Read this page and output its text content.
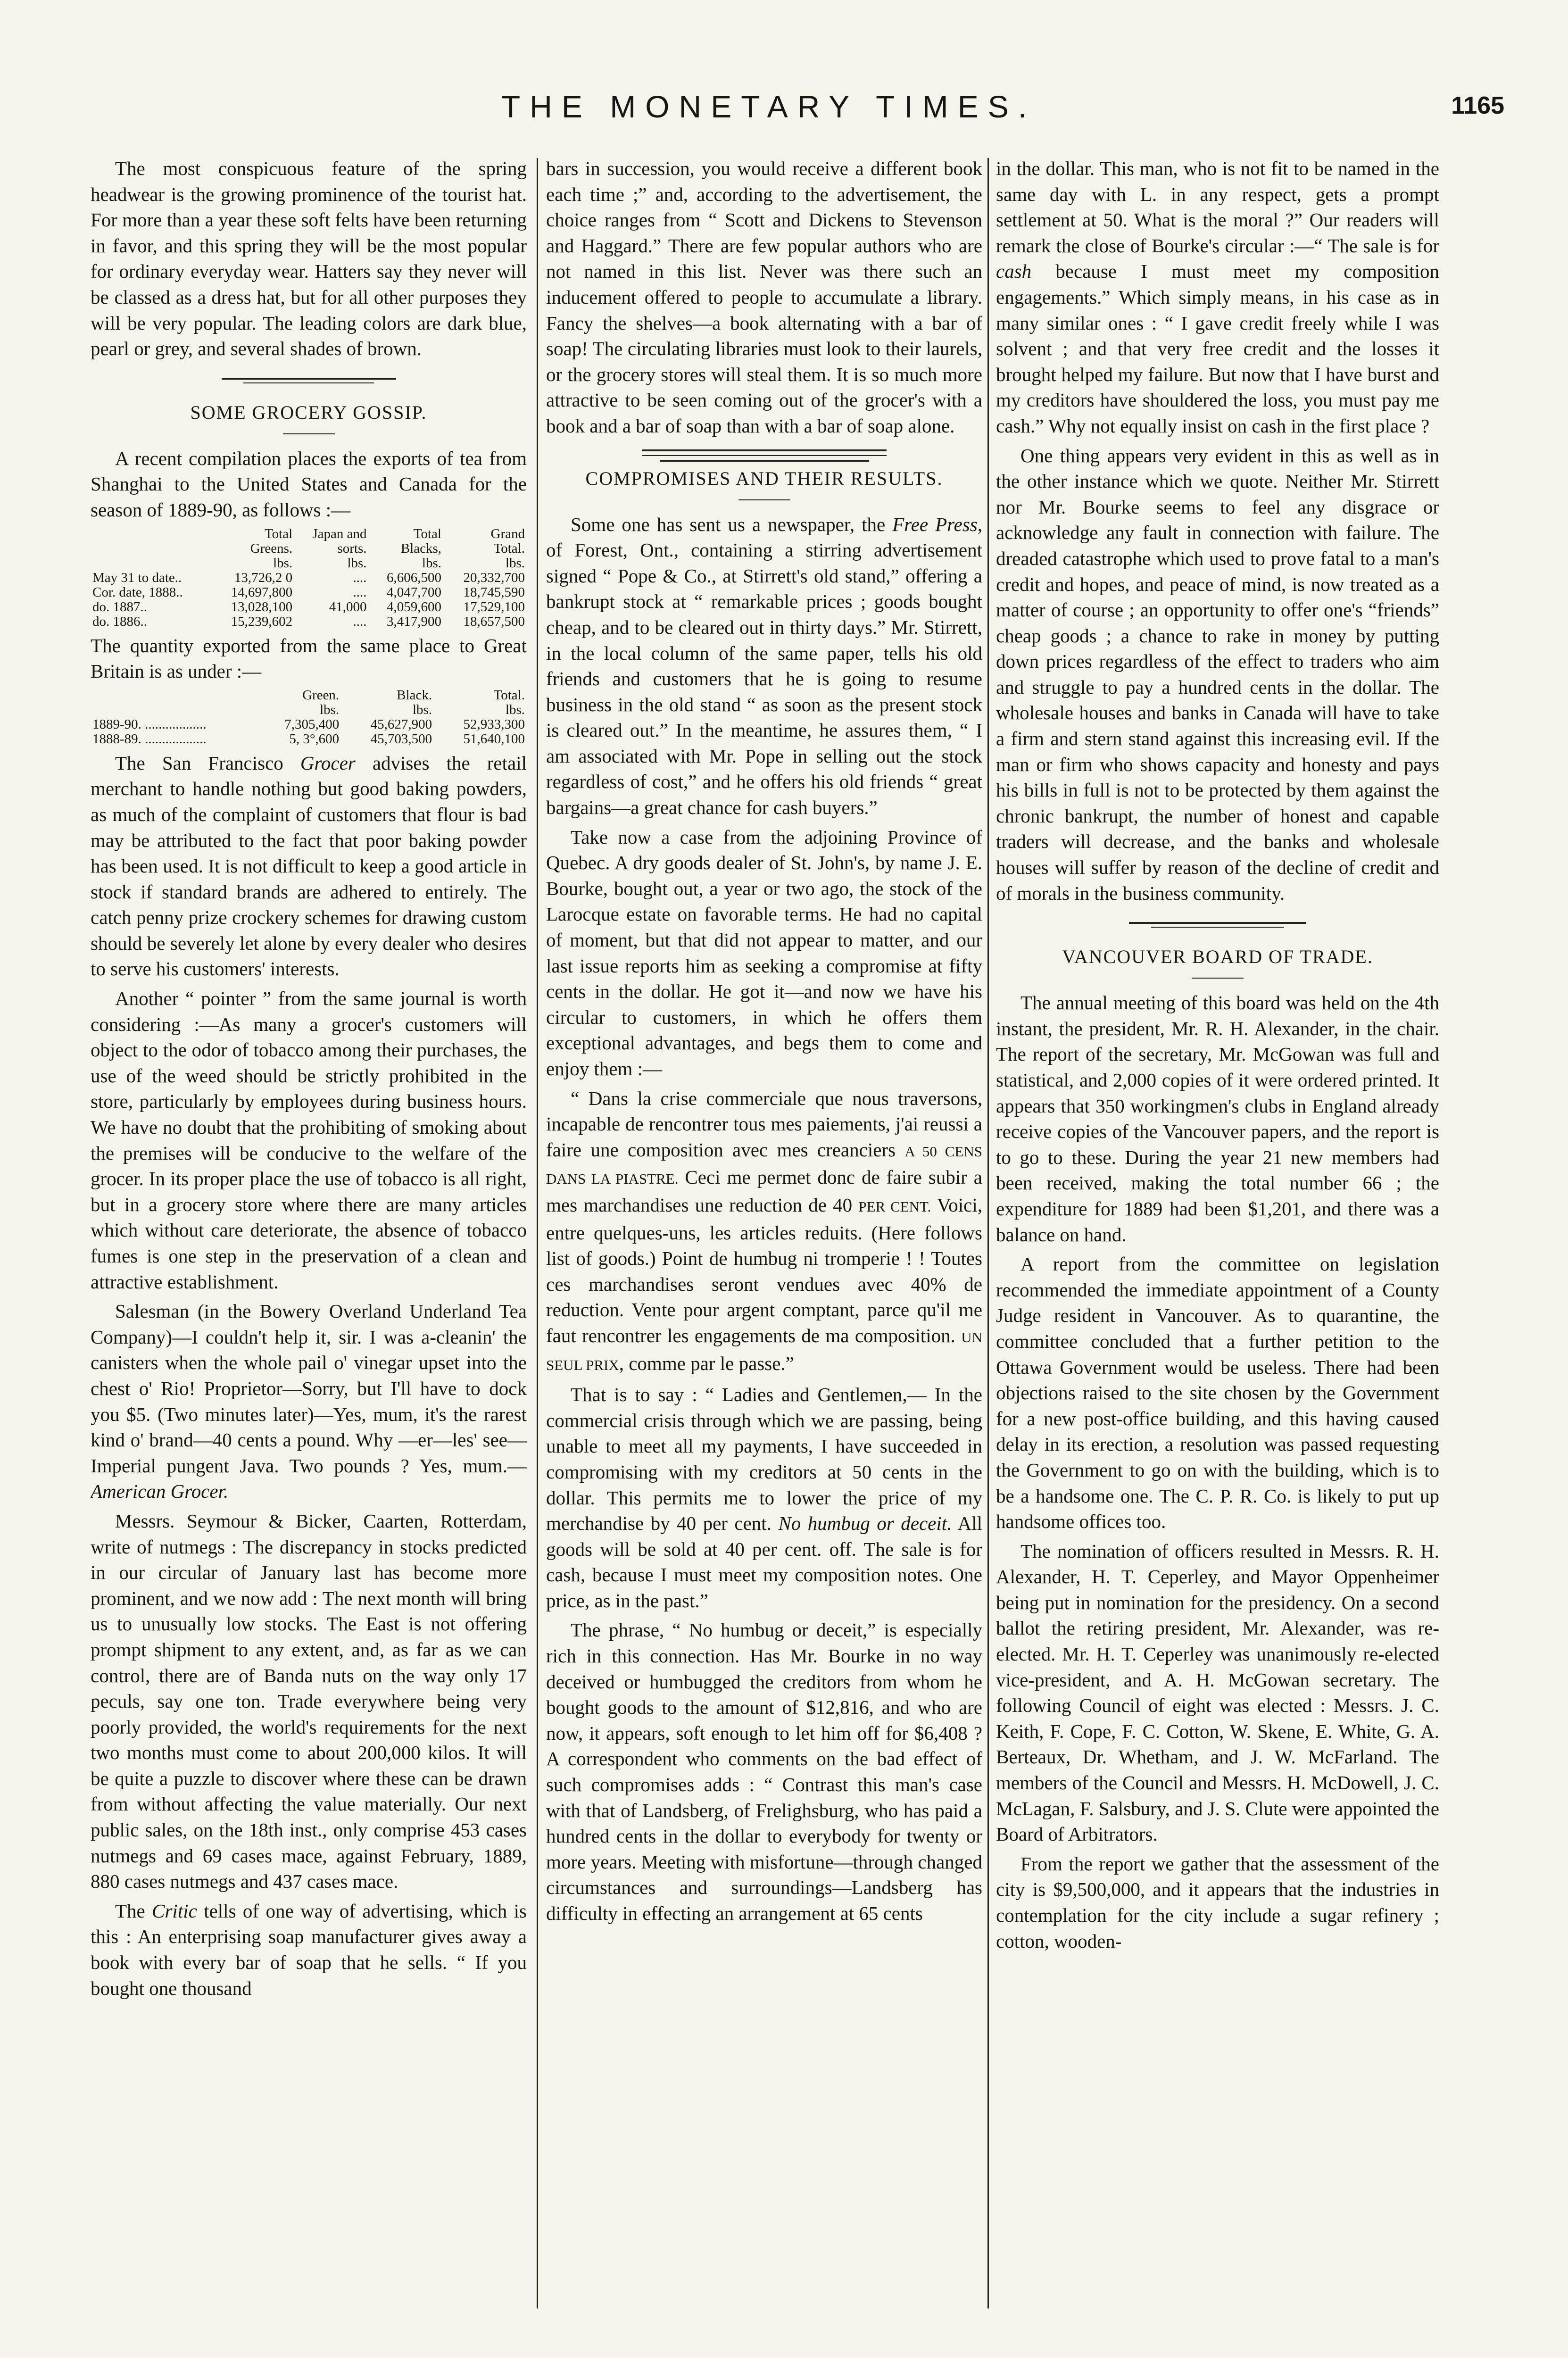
THE MONETARY TIMES.	1165

The most conspicuous feature of the spring headwear is the growing prominence of the tourist hat. For more than a year these soft felts have been returning in favor, and this spring they will be the most popular for ordinary everyday wear. Hatters say they never will be classed as a dress hat, but for all other purposes they will be very popular. The leading colors are dark blue, pearl or grey, and several shades of brown.

SOME GROCERY GOSSIP.

A recent compilation places the exports of tea from Shanghai to the United States and Canada for the season of 1889-90, as follows :—

	Total	Japan and	Total	Grand
	Greens.	sorts.	Blacks,	Total.
	lbs.	lbs.	lbs.	lbs.
May 31 to date..	13,726,2 0	....	6,606,500	20,332,700
Cor. date, 1888..	14,697,800	....	4,047,700	18,745,590
do. 1887..	13,028,100	41,000	4,059,600	17,529,100
do. 1886..	15,239,602	....	3,417,900	18,657,500

The quantity exported from the same place to Great Britain is as under :—

	Green.	Black.	Total.
	lbs.	lbs.	lbs.
1889-90. ..................	7,305,400	45,627,900	52,933,300
1888-89. ..................	5, 3°,600	45,703,500	51,640,100

The San Francisco Grocer advises the retail merchant to handle nothing but good baking powders, as much of the complaint of customers that flour is bad may be attributed to the fact that poor baking powder has been used. It is not difficult to keep a good article in stock if standard brands are adhered to entirely. The catch penny prize crockery schemes for drawing custom should be severely let alone by every dealer who desires to serve his customers' interests.

Another “ pointer ” from the same journal is worth considering :—As many a grocer's customers will object to the odor of tobacco among their purchases, the use of the weed should be strictly prohibited in the store, particularly by employees during business hours. We have no doubt that the prohibiting of smoking about the premises will be conducive to the welfare of the grocer. In its proper place the use of tobacco is all right, but in a grocery store where there are many articles which without care deteriorate, the absence of tobacco fumes is one step in the preservation of a clean and attractive establishment.

Salesman (in the Bowery Overland Underland Tea Company)—I couldn't help it, sir. I was a-cleanin' the canisters when the whole pail o' vinegar upset into the chest o' Rio! Proprietor—Sorry, but I'll have to dock you $5. (Two minutes later)—Yes, mum, it's the rarest kind o' brand—40 cents a pound. Why —er—les' see—Imperial pungent Java. Two pounds ? Yes, mum.—American Grocer.

Messrs. Seymour & Bicker, Caarten, Rotterdam, write of nutmegs : The discrepancy in stocks predicted in our circular of January last has become more prominent, and we now add : The next month will bring us to unusually low stocks. The East is not offering prompt shipment to any extent, and, as far as we can control, there are of Banda nuts on the way only 17 peculs, say one ton. Trade everywhere being very poorly provided, the world's requirements for the next two months must come to about 200,000 kilos. It will be quite a puzzle to discover where these can be drawn from without affecting the value materially. Our next public sales, on the 18th inst., only comprise 453 cases nutmegs and 69 cases mace, against February, 1889, 880 cases nutmegs and 437 cases mace.

The Critic tells of one way of advertising, which is this : An enterprising soap manufacturer gives away a book with every bar of soap that he sells. “ If you bought one thousand

bars in succession, you would receive a different book each time ;” and, according to the advertisement, the choice ranges from “ Scott and Dickens to Stevenson and Haggard.” There are few popular authors who are not named in this list. Never was there such an inducement offered to people to accumulate a library. Fancy the shelves—a book alternating with a bar of soap! The circulating libraries must look to their laurels, or the grocery stores will steal them. It is so much more attractive to be seen coming out of the grocer's with a book and a bar of soap than with a bar of soap alone.

COMPROMISES AND THEIR RESULTS.

Some one has sent us a newspaper, the Free Press, of Forest, Ont., containing a stirring advertisement signed “ Pope & Co., at Stirrett's old stand,” offering a bankrupt stock at “ remarkable prices ; goods bought cheap, and to be cleared out in thirty days.” Mr. Stirrett, in the local column of the same paper, tells his old friends and customers that he is going to resume business in the old stand “ as soon as the present stock is cleared out.” In the meantime, he assures them, “ I am associated with Mr. Pope in selling out the stock regardless of cost,” and he offers his old friends “ great bargains—a great chance for cash buyers.”

Take now a case from the adjoining Province of Quebec. A dry goods dealer of St. John's, by name J. E. Bourke, bought out, a year or two ago, the stock of the Larocque estate on favorable terms. He had no capital of moment, but that did not appear to matter, and our last issue reports him as seeking a compromise at fifty cents in the dollar. He got it—and now we have his circular to customers, in which he offers them exceptional advantages, and begs them to come and enjoy them :—

“ Dans la crise commerciale que nous traversons, incapable de rencontrer tous mes paiements, j'ai reussi a faire une composition avec mes creanciers A 50 CENS DANS LA PIASTRE. Ceci me permet donc de faire subir a mes marchandises une reduction de 40 PER CENT. Voici, entre quelques-uns, les articles reduits. (Here follows list of goods.) Point de humbug ni tromperie ! ! Toutes ces marchandises seront vendues avec 40% de reduction. Vente pour argent comptant, parce qu'il me faut rencontrer les engagements de ma composition. UN SEUL PRIX, comme par le passe.”

That is to say : “ Ladies and Gentlemen,— In the commercial crisis through which we are passing, being unable to meet all my payments, I have succeeded in compromising with my creditors at 50 cents in the dollar. This permits me to lower the price of my merchandise by 40 per cent. No humbug or deceit. All goods will be sold at 40 per cent. off. The sale is for cash, because I must meet my composition notes. One price, as in the past.”

The phrase, “ No humbug or deceit,” is especially rich in this connection. Has Mr. Bourke in no way deceived or humbugged the creditors from whom he bought goods to the amount of $12,816, and who are now, it appears, soft enough to let him off for $6,408 ? A correspondent who comments on the bad effect of such compromises adds : “ Contrast this man's case with that of Landsberg, of Frelighsburg, who has paid a hundred cents in the dollar to everybody for twenty or more years. Meeting with misfortune—through changed circumstances and surroundings—Landsberg has difficulty in effecting an arrangement at 65 cents

in the dollar. This man, who is not fit to be named in the same day with L. in any respect, gets a prompt settlement at 50. What is the moral ?” Our readers will remark the close of Bourke's circular :—“ The sale is for cash because I must meet my composition engagements.” Which simply means, in his case as in many similar ones : “ I gave credit freely while I was solvent ; and that very free credit and the losses it brought helped my failure. But now that I have burst and my creditors have shouldered the loss, you must pay me cash.” Why not equally insist on cash in the first place ?

One thing appears very evident in this as well as in the other instance which we quote. Neither Mr. Stirrett nor Mr. Bourke seems to feel any disgrace or acknowledge any fault in connection with failure. The dreaded catastrophe which used to prove fatal to a man's credit and hopes, and peace of mind, is now treated as a matter of course ; an opportunity to offer one's “friends” cheap goods ; a chance to rake in money by putting down prices regardless of the effect to traders who aim and struggle to pay a hundred cents in the dollar. The wholesale houses and banks in Canada will have to take a firm and stern stand against this increasing evil. If the man or firm who shows capacity and honesty and pays his bills in full is not to be protected by them against the chronic bankrupt, the number of honest and capable traders will decrease, and the banks and wholesale houses will suffer by reason of the decline of credit and of morals in the business community.

VANCOUVER BOARD OF TRADE.

The annual meeting of this board was held on the 4th instant, the president, Mr. R. H. Alexander, in the chair. The report of the secretary, Mr. McGowan was full and statistical, and 2,000 copies of it were ordered printed. It appears that 350 workingmen's clubs in England already receive copies of the Vancouver papers, and the report is to go to these. During the year 21 new members had been received, making the total number 66 ; the expenditure for 1889 had been $1,201, and there was a balance on hand.

A report from the committee on legislation recommended the immediate appointment of a County Judge resident in Vancouver. As to quarantine, the committee concluded that a further petition to the Ottawa Government would be useless. There had been objections raised to the site chosen by the Government for a new post-office building, and this having caused delay in its erection, a resolution was passed requesting the Government to go on with the building, which is to be a handsome one. The C. P. R. Co. is likely to put up handsome offices too.

The nomination of officers resulted in Messrs. R. H. Alexander, H. T. Ceperley, and Mayor Oppenheimer being put in nomination for the presidency. On a second ballot the retiring president, Mr. Alexander, was re-elected. Mr. H. T. Ceperley was unanimously re-elected vice-president, and A. H. McGowan secretary. The following Council of eight was elected : Messrs. J. C. Keith, F. Cope, F. C. Cotton, W. Skene, E. White, G. A. Berteaux, Dr. Whetham, and J. W. McFarland. The members of the Council and Messrs. H. McDowell, J. C. McLagan, F. Salsbury, and J. S. Clute were appointed the Board of Arbitrators.

From the report we gather that the assessment of the city is $9,500,000, and it appears that the industries in contemplation for the city include a sugar refinery ; cotton, wooden-
